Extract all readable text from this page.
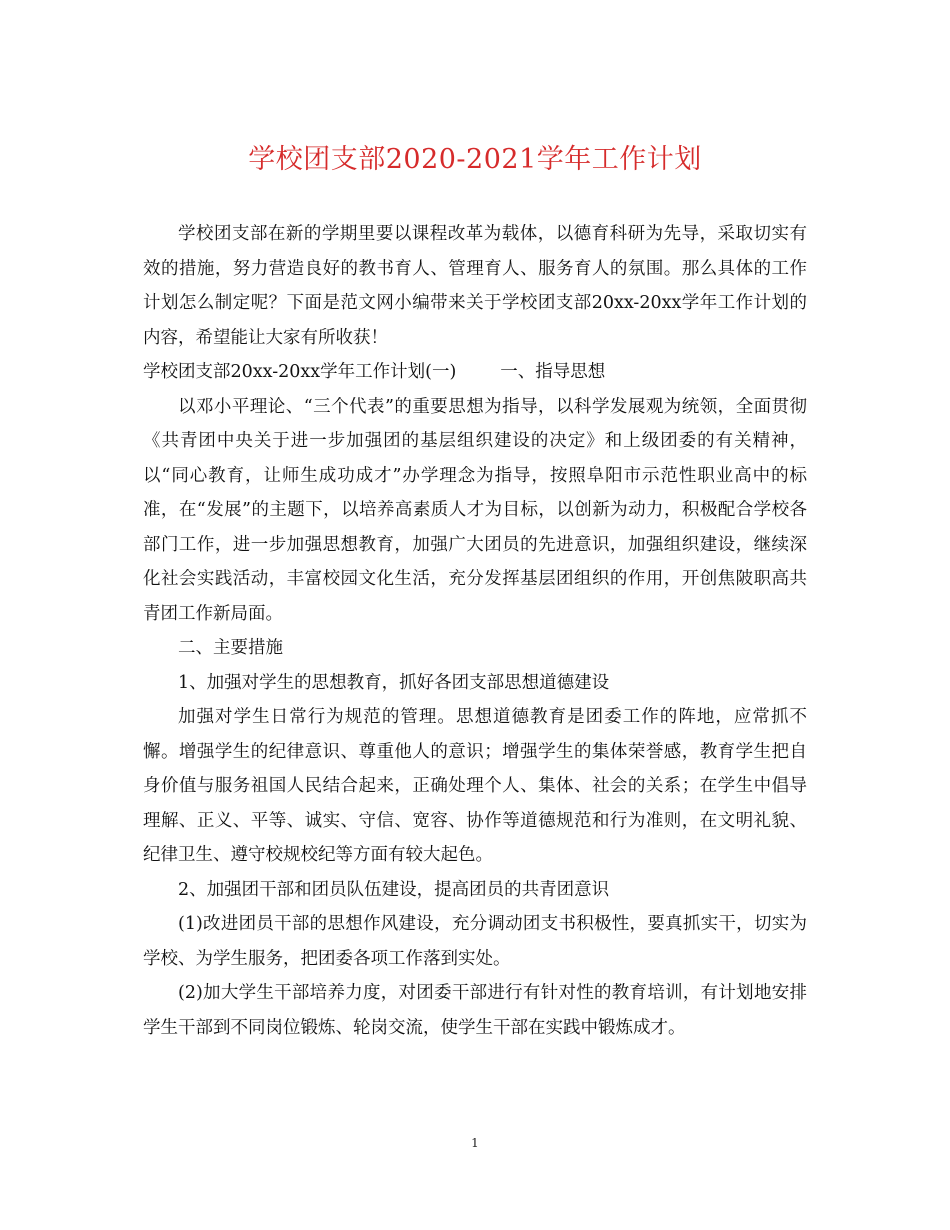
学校团支部2020-2021学年工作计划

学校团支部在新的学期里要以课程改革为载体，以德育科研为先导，采取切实有效的措施，努力营造良好的教书育人、管理育人、服务育人的氛围。那么具体的工作计划怎么制定呢？下面是范文网小编带来关于学校团支部20xx-20xx学年工作计划的内容，希望能让大家有所收获！

学校团支部20xx-20xx学年工作计划(一)	一、指导思想

以邓小平理论、“三个代表”的重要思想为指导，以科学发展观为统领，全面贯彻《共青团中央关于进一步加强团的基层组织建设的决定》和上级团委的有关精神，以“同心教育，让师生成功成才”办学理念为指导，按照阜阳市示范性职业高中的标准，在“发展”的主题下，以培养高素质人才为目标，以创新为动力，积极配合学校各部门工作，进一步加强思想教育，加强广大团员的先进意识，加强组织建设，继续深化社会实践活动，丰富校园文化生活，充分发挥基层团组织的作用，开创焦陂职高共青团工作新局面。

二、主要措施

1、加强对学生的思想教育，抓好各团支部思想道德建设

加强对学生日常行为规范的管理。思想道德教育是团委工作的阵地，应常抓不懈。增强学生的纪律意识、尊重他人的意识；增强学生的集体荣誉感，教育学生把自身价值与服务祖国人民结合起来，正确处理个人、集体、社会的关系；在学生中倡导理解、正义、平等、诚实、守信、宽容、协作等道德规范和行为准则，在文明礼貌、纪律卫生、遵守校规校纪等方面有较大起色。

2、加强团干部和团员队伍建设，提高团员的共青团意识

(1)改进团员干部的思想作风建设，充分调动团支书积极性，要真抓实干，切实为学校、为学生服务，把团委各项工作落到实处。

(2)加大学生干部培养力度，对团委干部进行有针对性的教育培训，有计划地安排学生干部到不同岗位锻炼、轮岗交流，使学生干部在实践中锻炼成才。

1
